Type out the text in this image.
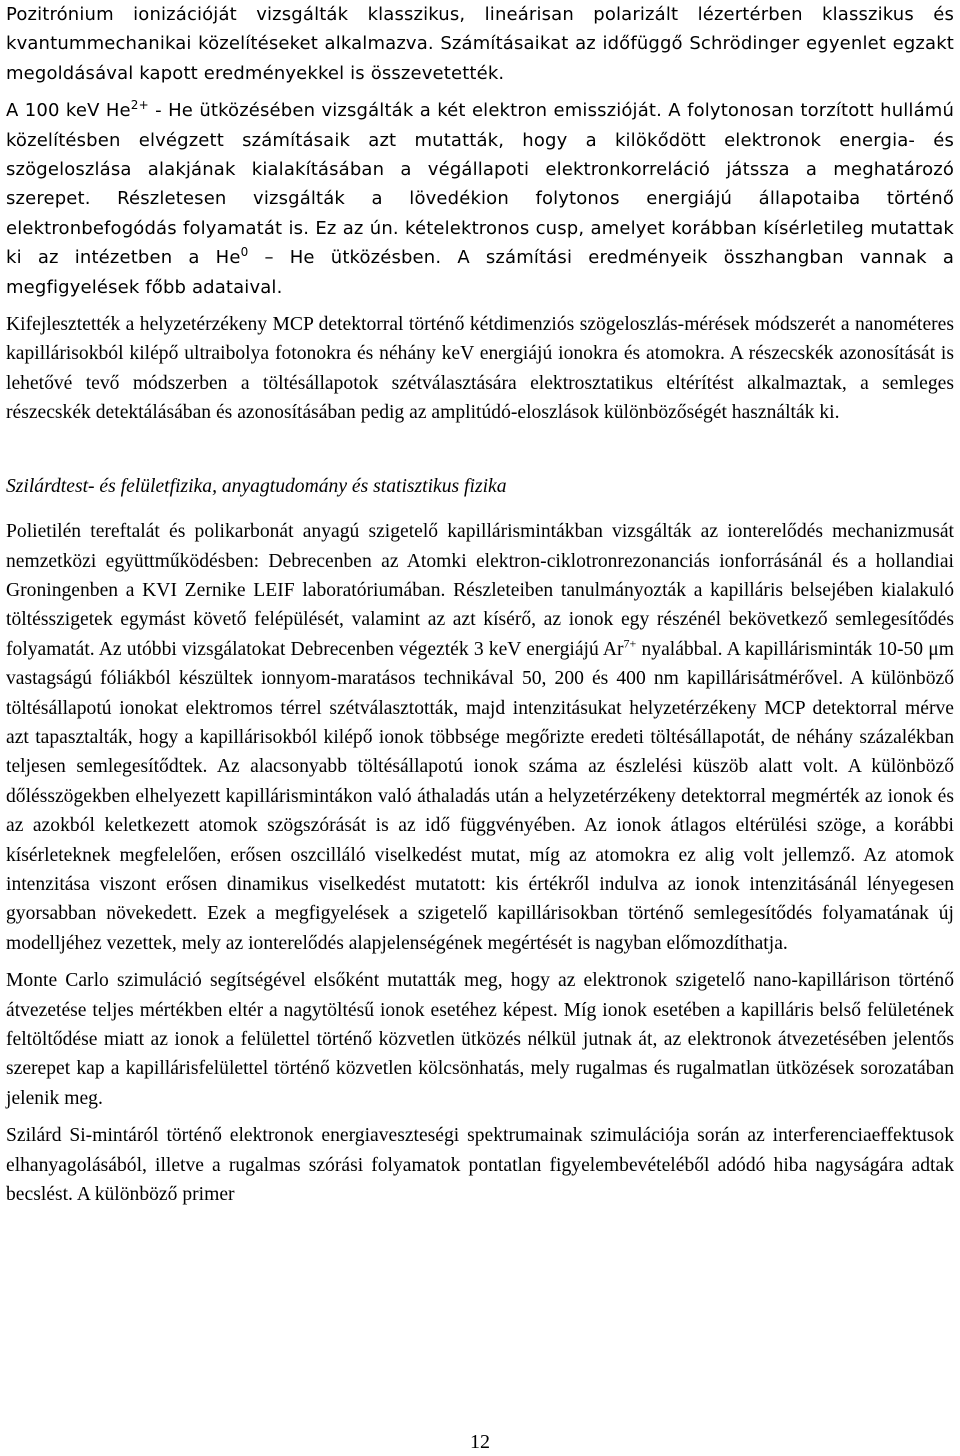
Pozitrónium ionizációját vizsgálták klasszikus, lineárisan polarizált lézertérben klasszikus és kvantummechanikai közelítéseket alkalmazva. Számításaikat az időfüggő Schrödinger egyenlet egzakt megoldásával kapott eredményekkel is összevetették.

A 100 keV $He^{2+}$ - He ütközésében vizsgálták a két elektron emisszióját. A folytonosan torzított hullámú közelítésben elvégzett számításaik azt mutatták, hogy a kilökődött elektronok energia- és szögeloszlása alakjának kialakításában a végállapoti elektronkorreláció játssza a meghatározó szerepet. Részletesen vizsgálták a lövedékion folytonos energiájú állapotaiba történő elektronbefogódás folyamatát is. Ez az ún. kételektronos cusp, amelyet korábban kísérletileg mutattak ki az intézetben a He$^0$ – He ütközésben. A számítási eredményeik összhangban vannak a megfigyelések főbb adataival.

Kifejlesztették a helyzetérzékeny MCP detektorral történő kétdimenziós szögeloszlás-mérések módszerét a nanométeres kapillárisokból kilépő ultraibolya fotonokra és néhány keV energiájú ionokra és atomokra. A részecskék azonosítását is lehetővé tevő módszerben a töltésállapotok szétválasztására elektrosztatikus eltérítést alkalmaztak, a semleges részecskék detektálásában és azonosításában pedig az amplitúdó-eloszlások különbözőségét használták ki.

Szilárdtest- és felületfizika, anyagtudomány és statisztikus fizika

Polietilén tereftalát és polikarbonát anyagú szigetelő kapillárismintákban vizsgálták az ionterelődés mechanizmusát nemzetközi együttműködésben: Debrecenben az Atomki elektron-ciklotronrezonanciás ionforrásánál és a hollandiai Groningenben a KVI Zernike LEIF laboratóriumában. Részleteiben tanulmányozták a kapilláris belsejében kialakuló töltésszigetek egymást követő felépülését, valamint az azt kísérő, az ionok egy részénél bekövetkező semlegesítődés folyamatát. Az utóbbi vizsgálatokat Debrecenben végezték 3 keV energiájú $Ar^{7+}$ nyalábbal. A kapillárisminták 10-50 μm vastagságú fóliákból készültek ionnyom-maratásos technikával 50, 200 és 400 nm kapillárisátmérővel. A különböző töltésállapotú ionokat elektromos térrel szétválasztották, majd intenzitásukat helyzetérzékeny MCP detektorral mérve azt tapasztalták, hogy a kapillárisokból kilépő ionok többsége megőrizte eredeti töltésállapotát, de néhány százalékban teljesen semlegesítődtek. Az alacsonyabb töltésállapotú ionok száma az észlelési küszöb alatt volt. A különböző dőlésszögekben elhelyezett kapillárismintákon való áthaladás után a helyzetérzékeny detektorral megmérték az ionok és az azokból keletkezett atomok szögszórását is az idő függvényében. Az ionok átlagos eltérülési szöge, a korábbi kísérleteknek megfelelően, erősen oszcilláló viselkedést mutat, míg az atomokra ez alig volt jellemző. Az atomok intenzitása viszont erősen dinamikus viselkedést mutatott: kis értékről indulva az ionok intenzitásánál lényegesen gyorsabban növekedett. Ezek a megfigyelések a szigetelő kapillárisokban történő semlegesítődés folyamatának új modelljéhez vezettek, mely az ionterelődés alapjelenségének megértését is nagyban előmozdíthatja.

Monte Carlo szimuláció segítségével elsőként mutatták meg, hogy az elektronok szigetelő nano-kapillárison történő átvezetése teljes mértékben eltér a nagytöltésű ionok esetéhez képest. Míg ionok esetében a kapilláris belső felületének feltöltődése miatt az ionok a felülettel történő közvetlen ütközés nélkül jutnak át, az elektronok átvezetésében jelentős szerepet kap a kapillárisfelülettel történő közvetlen kölcsönhatás, mely rugalmas és rugalmatlan ütközések sorozatában jelenik meg.

Szilárd Si-mintáról történő elektronok energiaveszteségi spektrumainak szimulációja során az interferenciaeffektusok elhanyagolásából, illetve a rugalmas szórási folyamatok pontatlan figyelembevételéből adódó hiba nagyságára adtak becslést. A különböző primer

12
